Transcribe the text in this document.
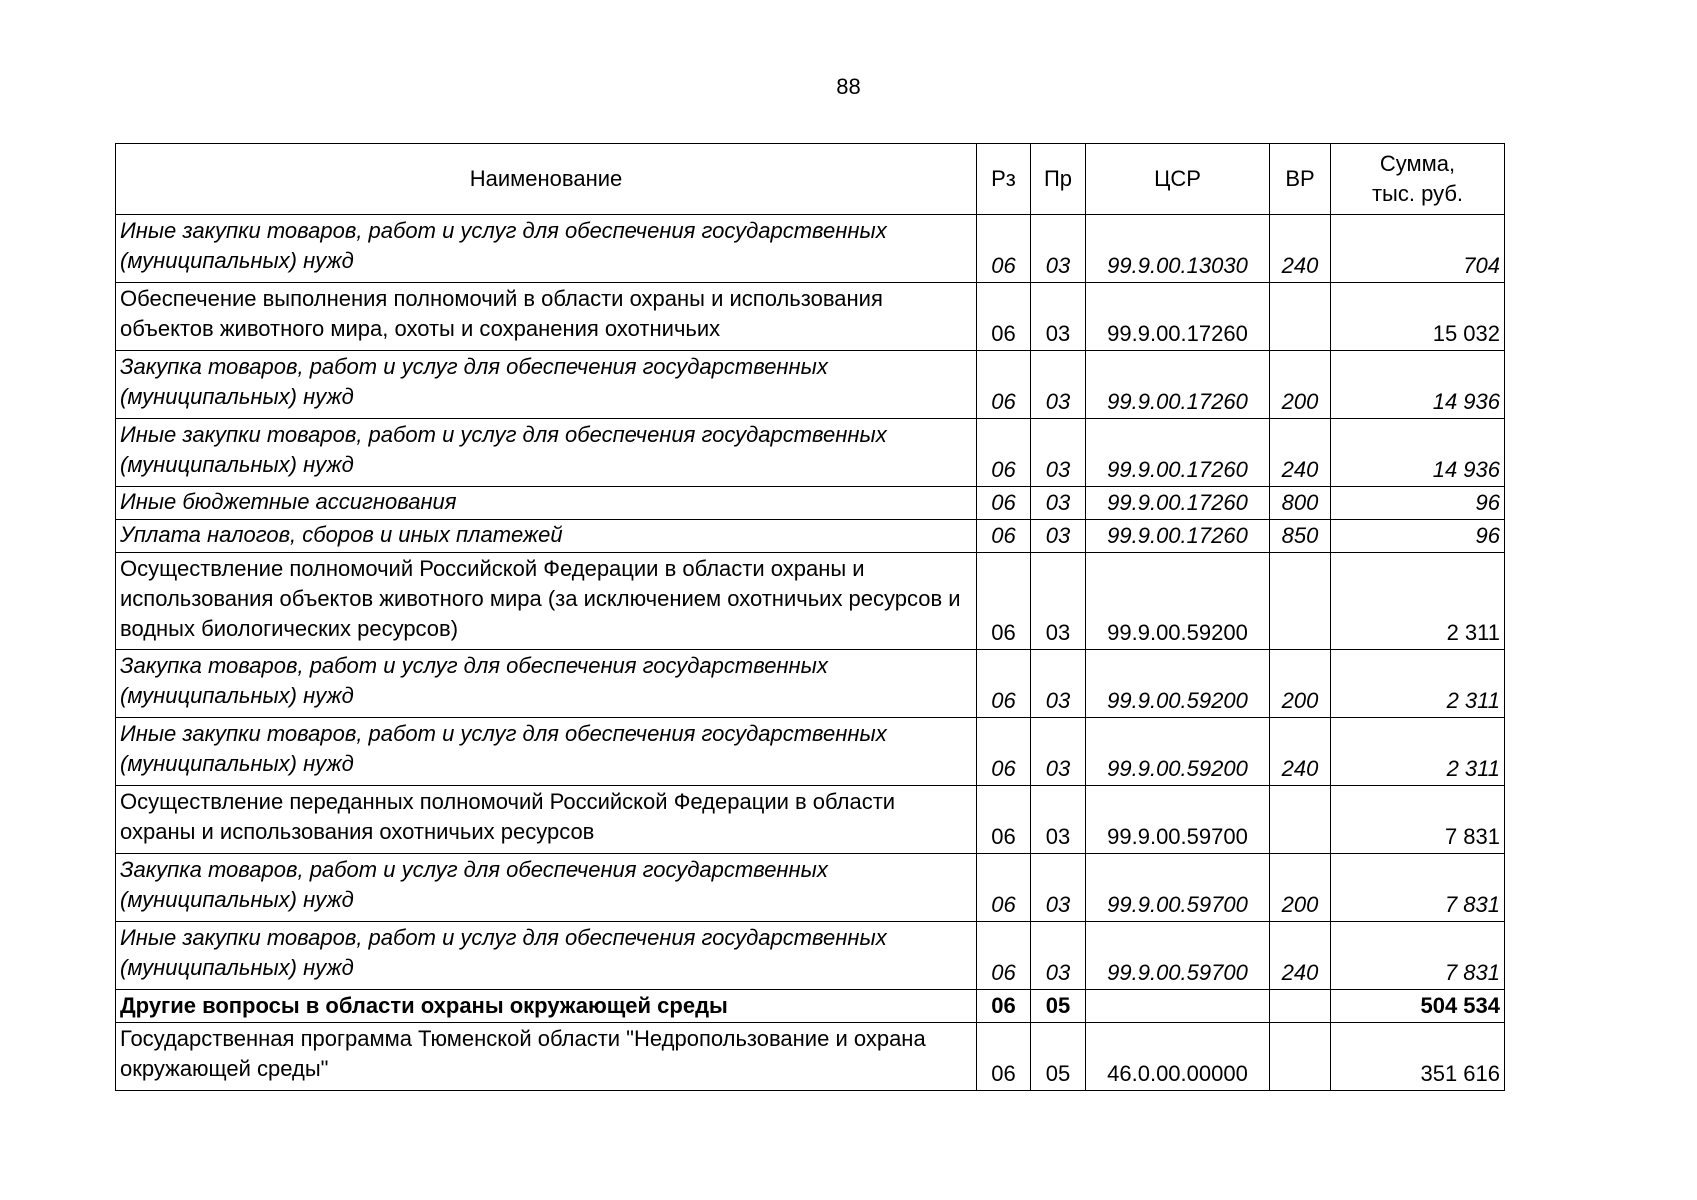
88
Наименование	Рз	Пр	ЦСР	ВР	Сумма,
тыс. руб.

Иные закупки товаров, работ и услуг для обеспечения государственных (муниципальных) нужд	06	03	99.9.00.13030	240	704
Обеспечение выполнения полномочий в области охраны и использования объектов животного мира, охоты и сохранения охотничьих	06	03	99.9.00.17260		15 032
Закупка товаров, работ и услуг для обеспечения государственных (муниципальных) нужд	06	03	99.9.00.17260	200	14 936
Иные закупки товаров, работ и услуг для обеспечения государственных (муниципальных) нужд	06	03	99.9.00.17260	240	14 936
Иные бюджетные ассигнования	06	03	99.9.00.17260	800	96
Уплата налогов, сборов и иных платежей	06	03	99.9.00.17260	850	96
Осуществление полномочий Российской Федерации в области охраны и использования объектов животного мира (за исключением охотничьих ресурсов и водных биологических ресурсов)	06	03	99.9.00.59200		2 311
Закупка товаров, работ и услуг для обеспечения государственных (муниципальных) нужд	06	03	99.9.00.59200	200	2 311
Иные закупки товаров, работ и услуг для обеспечения государственных (муниципальных) нужд	06	03	99.9.00.59200	240	2 311
Осуществление переданных полномочий Российской Федерации в области охраны и использования охотничьих ресурсов	06	03	99.9.00.59700		7 831
Закупка товаров, работ и услуг для обеспечения государственных (муниципальных) нужд	06	03	99.9.00.59700	200	7 831
Иные закупки товаров, работ и услуг для обеспечения государственных (муниципальных) нужд	06	03	99.9.00.59700	240	7 831
Другие вопросы в области охраны окружающей среды	06	05			504 534
Государственная программа Тюменской области "Недропользование и охрана окружающей среды"	06	05	46.0.00.00000		351 616
